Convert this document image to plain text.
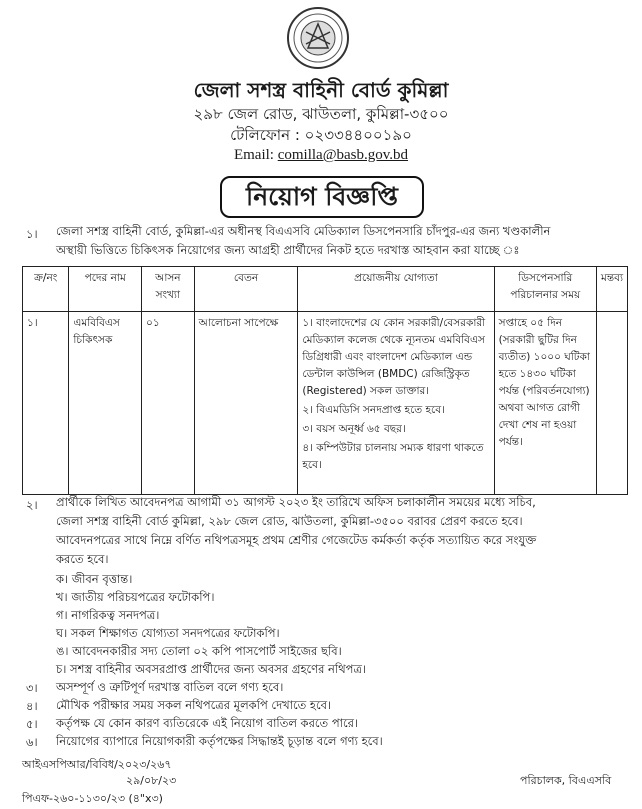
জেলা সশস্ত্র বাহিনী বোর্ড কুমিল্লা
২৯৮ জেল রোড, ঝাউতলা, কুমিল্লা-৩৫০০
টেলিফোন : ০২৩৩৪৪০০১৯০
Email: comilla@basb.gov.bd
নিয়োগ বিজ্ঞপ্তি
১। জেলা সশস্ত্র বাহিনী বোর্ড, কুমিল্লা-এর অধীনস্থ বিএএসবি মেডিক্যাল ডিসপেনসারি চাঁদপুর-এর জন্য খণ্ডকালীন
অস্থায়ী ভিত্তিতে চিকিৎসক নিয়োগের জন্য আগ্রহী প্রার্থীদের নিকট হতে দরখাস্ত আহবান করা যাচ্ছে ঃ
ক্র/নং	পদের নাম	আসন সংখ্যা	বেতন	প্রয়োজনীয় যোগ্যতা	ডিসপেনসারি পরিচালনার সময়	মন্তব্য
১।	এমবিবিএস চিকিৎসক	০১	আলোচনা সাপেক্ষে	১। বাংলাদেশের যে কোন সরকারী/বেসরকারী মেডিক্যাল কলেজ থেকে ন্যূনতম এমবিবিএস ডিগ্রিধারী এবং বাংলাদেশ মেডিক্যাল এন্ড ডেন্টাল কাউন্সিল (BMDC) রেজিস্ট্রিকৃত (Registered) সকল ডাক্তার।
২। বিএমডিসি সনদপ্রাপ্ত হতে হবে।
৩। বয়স অনূর্ধ্ব ৬৫ বছর।
৪। কম্পিউটার চালনায় সম্যক ধারণা থাকতে হবে।	সপ্তাহে ০৫ দিন (সরকারী ছুটির দিন ব্যতীত) ১০০০ ঘটিকা হতে ১৪৩০ ঘটিকা পর্যন্ত (পরিবর্তনযোগ্য) অথবা আগত রোগী দেখা শেষ না হওয়া পর্যন্ত।	
২। প্রার্থীকে লিখিত আবেদনপত্র আগামী ৩১ আগস্ট ২০২৩ ইং তারিখে অফিস চলাকালীন সময়ের মধ্যে সচিব,
জেলা সশস্ত্র বাহিনী বোর্ড কুমিল্লা, ২৯৮ জেল রোড, ঝাউতলা, কুমিল্লা-৩৫০০ বরাবর প্রেরণ করতে হবে।
আবেদনপত্রের সাথে নিম্নে বর্ণিত নথিপত্রসমূহ প্রথম শ্রেণীর গেজেটেড কর্মকর্তা কর্তৃক সত্যায়িত করে সংযুক্ত
করতে হবে।
ক। জীবন বৃত্তান্ত।
খ। জাতীয় পরিচয়পত্রের ফটোকপি।
গ। নাগরিকত্ব সনদপত্র।
ঘ। সকল শিক্ষাগত যোগ্যতা সনদপত্রের ফটোকপি।
ঙ। আবেদনকারীর সদ্য তোলা ০২ কপি পাসপোর্ট সাইজের ছবি।
চ। সশস্ত্র বাহিনীর অবসরপ্রাপ্ত প্রার্থীদের জন্য অবসর গ্রহণের নথিপত্র।
৩। অসম্পূর্ণ ও ত্রুটিপূর্ণ দরখাস্ত বাতিল বলে গণ্য হবে।
৪। মৌখিক পরীক্ষার সময় সকল নথিপত্রের মূলকপি দেখাতে হবে।
৫। কর্তৃপক্ষ যে কোন কারণ ব্যতিরেকে এই নিয়োগ বাতিল করতে পারে।
৬। নিয়োগের ব্যাপারে নিয়োগকারী কর্তৃপক্ষের সিদ্ধান্তই চূড়ান্ত বলে গণ্য হবে।
আইএসপিআর/বিবিধ/২০২৩/২৬৭
২৯/০৮/২৩	পরিচালক, বিএএসবি
পিএফ-২৬০-১১৩০/২৩ (৪"x৩)
